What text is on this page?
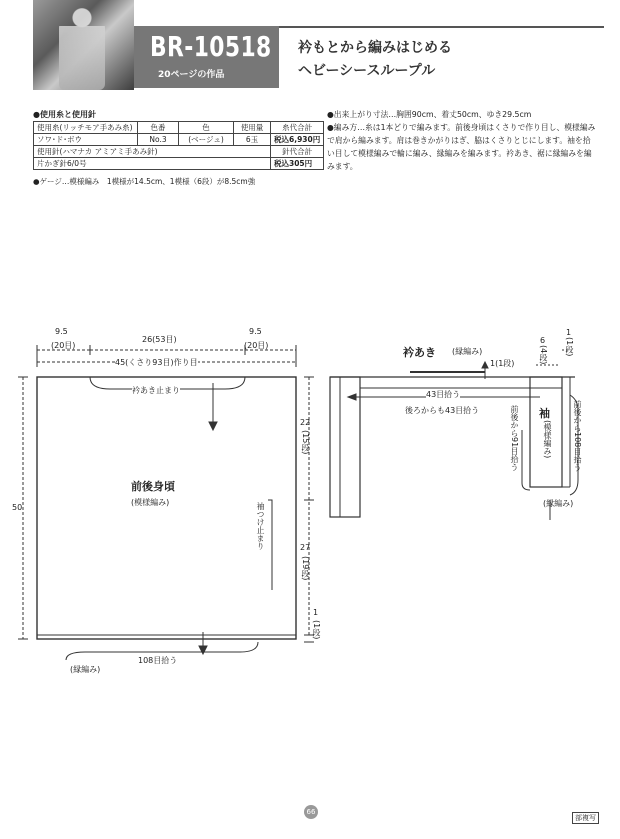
BR-10518
20ページの作品
衿もとから編みはじめる
ヘビーシースループル
●使用糸と使用針
使用糸(リッチモア手あみ糸)	色番	色	使用量	糸代合計
ソワ･ド･ボウ	No.3	(ベージュ)	6玉	税込6,930円
使用針(ハマナカ アミアミ手あみ針)				針代合計
片かぎ針6/0号				税込305円
●ゲージ…模様編み　1模様が14.5cm、1模様（6段）が8.5cm強
●出来上がり寸法…胸囲90cm、着丈50cm、ゆき29.5cm
●編み方…糸は1本どりで編みます。前後身頃はくさりで作り目し、模様編みで肩から編みます。肩は巻きかがりはぎ、脇はくさりとじにします。袖を拾い目して模様編みで輪に編み、縁編みを編みます。衿あき、裾に縁編みを編みます。
9.5
(20目)
26(53目)
9.5
(20目)
45(くさり93目)作り目
衿あき止まり
前後身頃
(模様編み)	袖つけ止まり
50
22
(15段)
27
(19段)
1
(1段)
108目拾う
(縁編み)
衿あき (縁編み)
1(1段)
43目拾う
後ろからも43目拾う
6
(4段)
1
(1段)
前後から91目拾う 袖
(模様編み)	前後から108目拾う
(縁編み)
66
部複写
